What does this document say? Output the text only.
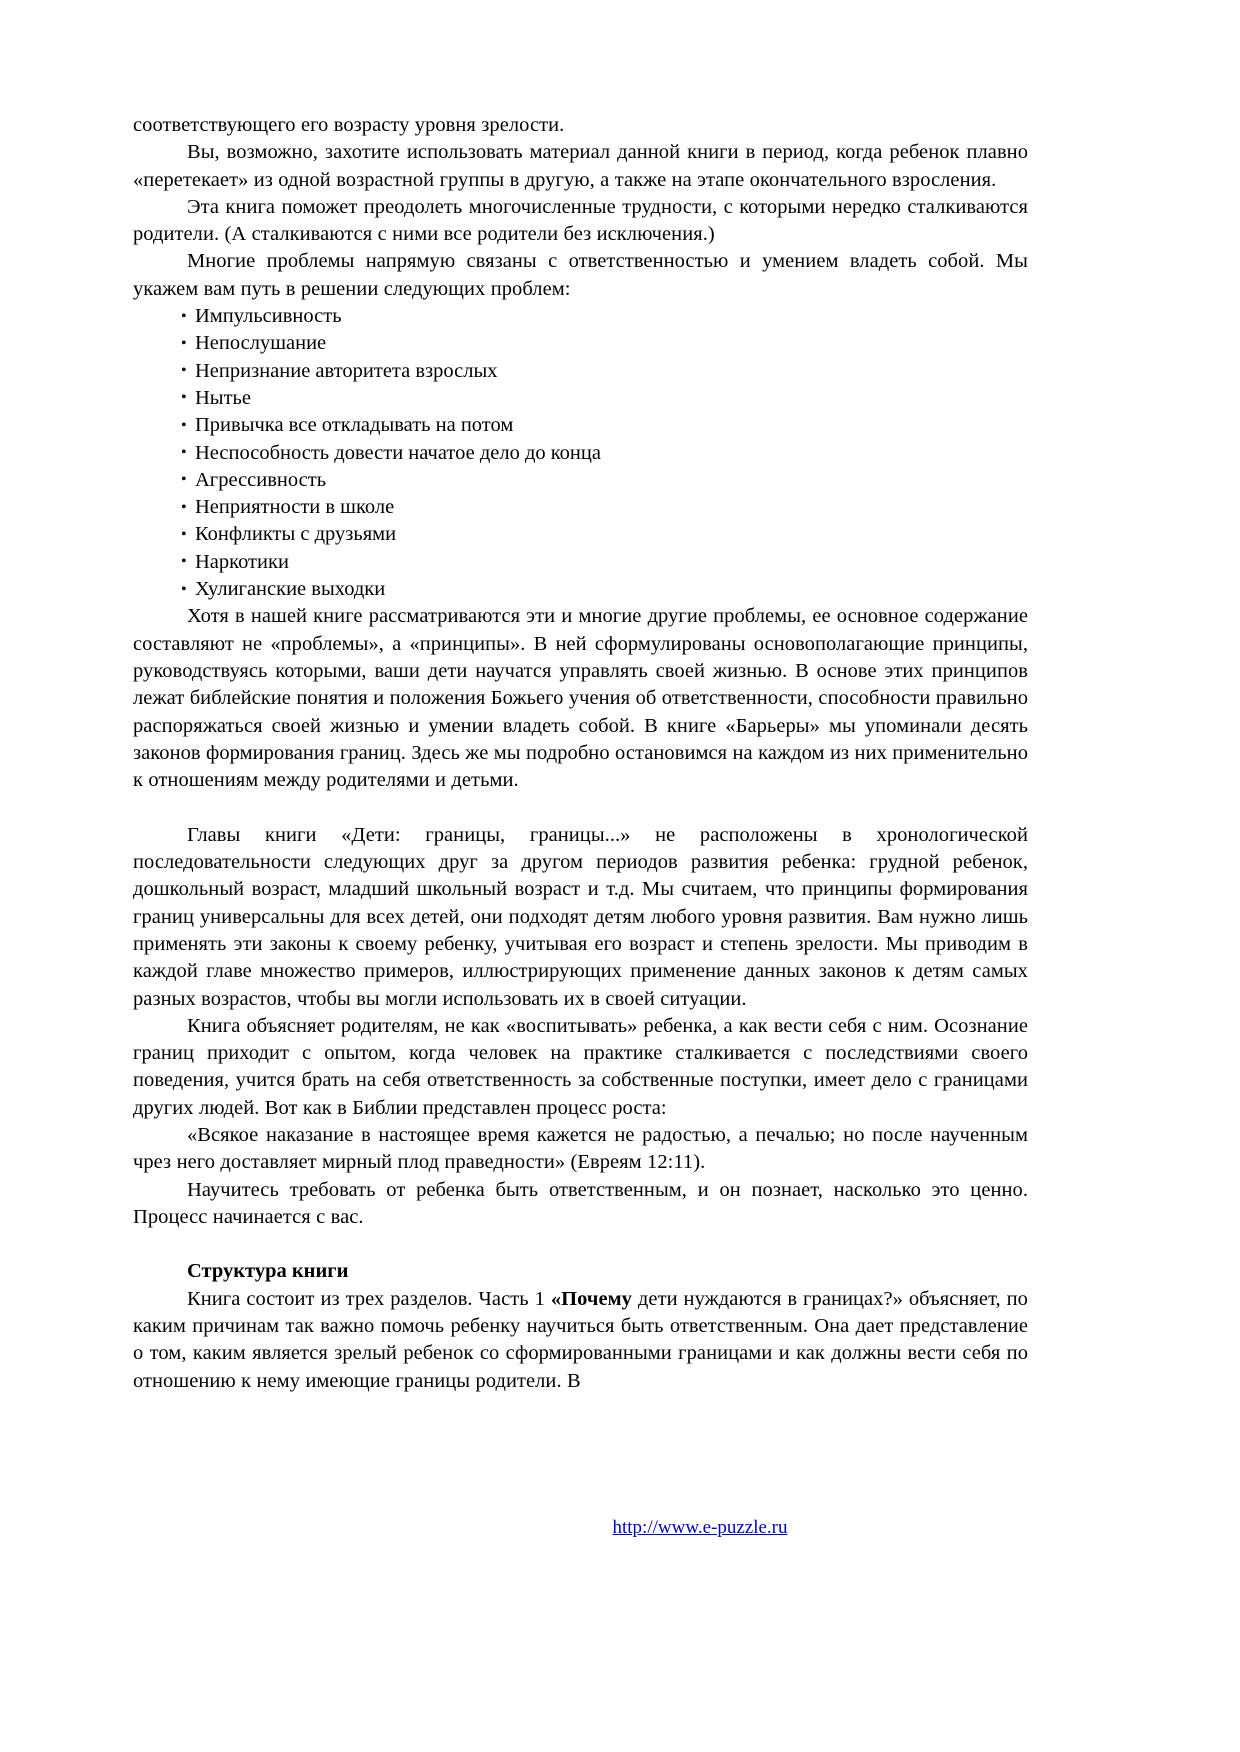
соответствующего его возрасту уровня зрелости.

Вы, возможно, захотите использовать материал данной книги в период, когда ребенок плавно «перетекает» из одной возрастной группы в другую, а также на этапе окончательного взросления.

Эта книга поможет преодолеть многочисленные трудности, с которыми нередко сталкиваются родители. (А сталкиваются с ними все родители без исключения.)

Многие проблемы напрямую связаны с ответственностью и умением владеть собой. Мы укажем вам путь в решении следующих проблем:

• Импульсивность
• Непослушание
• Непризнание авторитета взрослых
• Нытье
• Привычка все откладывать на потом
• Неспособность довести начатое дело до конца
• Агрессивность
• Неприятности в школе
• Конфликты с друзьями
• Наркотики
• Хулиганские выходки

Хотя в нашей книге рассматриваются эти и многие другие проблемы, ее основное содержание составляют не «проблемы», а «принципы». В ней сформулированы основополагающие принципы, руководствуясь которыми, ваши дети научатся управлять своей жизнью. В основе этих принципов лежат библейские понятия и положения Божьего учения об ответственности, способности правильно распоряжаться своей жизнью и умении владеть собой. В книге «Барьеры» мы упоминали десять законов формирования границ. Здесь же мы подробно остановимся на каждом из них применительно к отношениям между родителями и детьми.

Главы книги «Дети: границы, границы...» не расположены в хронологической последовательности следующих друг за другом периодов развития ребенка: грудной ребенок, дошкольный возраст, младший школьный возраст и т.д. Мы считаем, что принципы формирования границ универсальны для всех детей, они подходят детям любого уровня развития. Вам нужно лишь применять эти законы к своему ребенку, учитывая его возраст и степень зрелости. Мы приводим в каждой главе множество примеров, иллюстрирующих применение данных законов к детям самых разных возрастов, чтобы вы могли использовать их в своей ситуации.

Книга объясняет родителям, не как «воспитывать» ребенка, а как вести себя с ним. Осознание границ приходит с опытом, когда человек на практике сталкивается с последствиями своего поведения, учится брать на себя ответственность за собственные поступки, имеет дело с границами других людей. Вот как в Библии представлен процесс роста:

«Всякое наказание в настоящее время кажется не радостью, а печалью; но после наученным чрез него доставляет мирный плод праведности» (Евреям 12:11).

Научитесь требовать от ребенка быть ответственным, и он познает, насколько это ценно. Процесс начинается с вас.

Структура книги

Книга состоит из трех разделов. Часть 1 «Почему дети нуждаются в границах?» объясняет, по каким причинам так важно помочь ребенку научиться быть ответственным. Она дает представление о том, каким является зрелый ребенок со сформированными границами и как должны вести себя по отношению к нему имеющие границы родители. В

http://www.e-puzzle.ru
